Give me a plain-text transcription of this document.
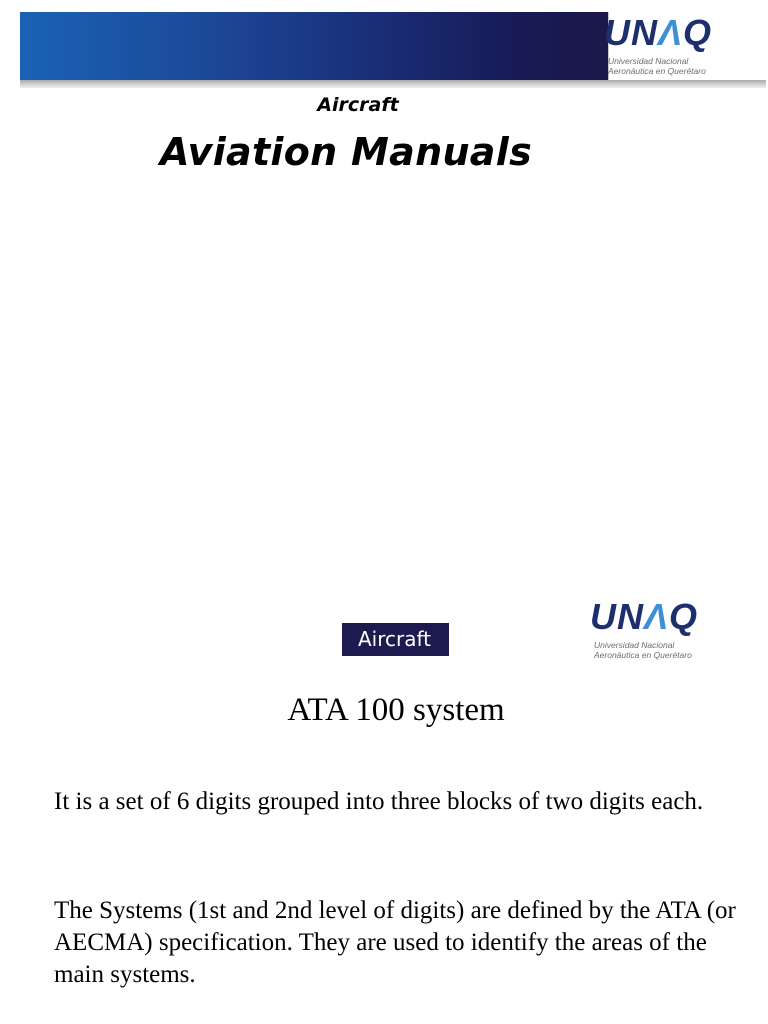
UNΛQ
Universidad Nacional
Aeronáutica en Querétaro
Aircraft
Aviation Manuals
Aircraft
UNΛQ
Universidad Nacional
Aeronáutica en Querétaro
ATA 100 system

It is a set of 6 digits grouped into three blocks of two digits each.

The Systems (1st and 2nd level of digits) are defined by the ATA (or AECMA) specification. They are used to identify the areas of the main systems.
